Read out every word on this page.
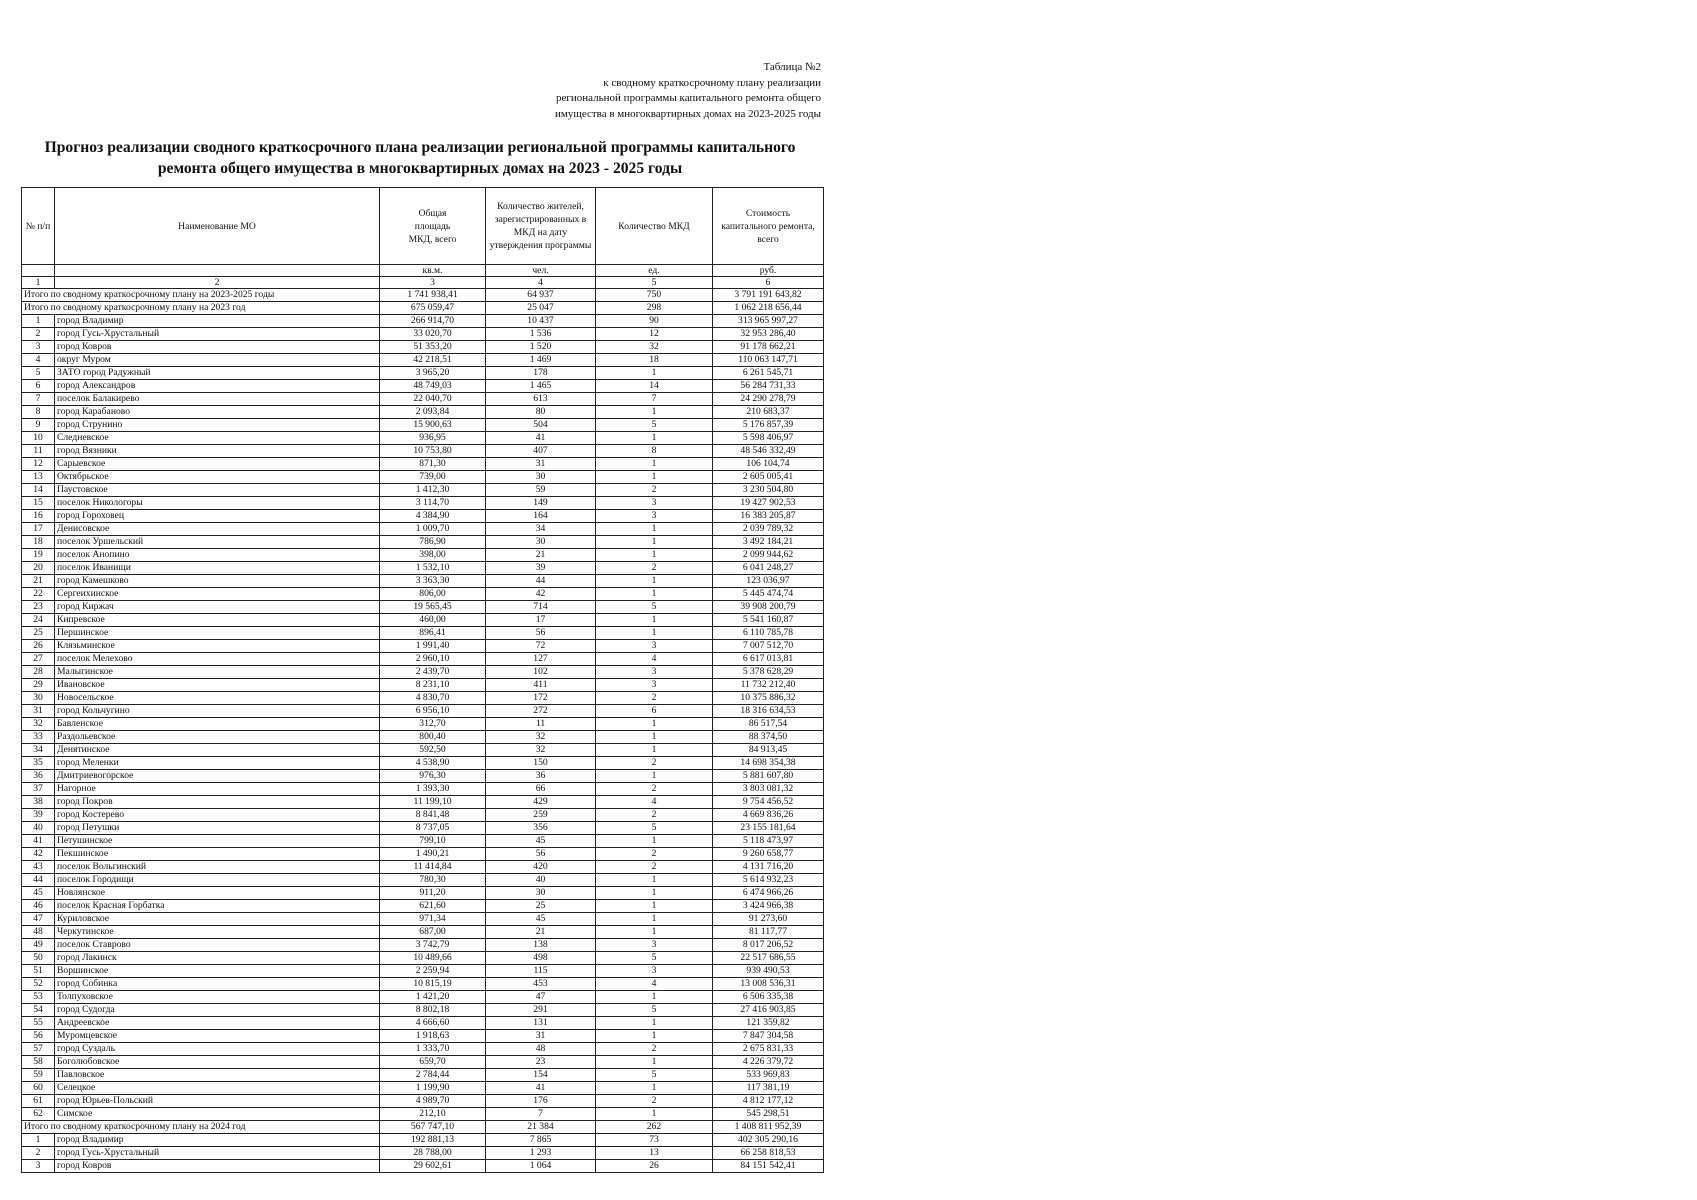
Таблица №2
к сводному краткосрочному плану реализации
региональной программы капитального ремонта общего
имущества в многоквартирных домах на 2023-2025 годы
Прогноз реализации сводного краткосрочного плана реализации региональной программы капитального
ремонта общего имущества в многоквартирных домах на 2023 - 2025 годы
№ п/п	Наименование МО	Общая площадь МКД, всего	Количество жителей, зарегистрированных в МКД на дату утверждения программы	Количество МКД	Стоимость капитального ремонта, всего
		кв.м.	чел.	ед.	руб.
1	2	3	4	5	6
Итого по сводному краткосрочному плану на 2023-2025 годы		1 741 938,41	64 937	750	3 791 191 643,82
Итого по сводному краткосрочному плану на 2023 год		675 059,47	25 047	298	1 062 218 656,44
1	город Владимир	266 914,70	10 437	90	313 965 997,27
2	город Гусь-Хрустальный	33 020,70	1 536	12	32 953 286,40
3	город Ковров	51 353,20	1 520	32	91 178 662,21
4	округ Муром	42 218,51	1 469	18	110 063 147,71
5	ЗАТО город Радужный	3 965,20	178	1	6 261 545,71
6	город Александров	48 749,03	1 465	14	56 284 731,33
7	поселок Балакирево	22 040,70	613	7	24 290 278,79
8	город Карабаново	2 093,84	80	1	210 683,37
9	город Струнино	15 900,63	504	5	5 176 857,39
10	Следневское	936,95	41	1	5 598 406,97
11	город Вязники	10 753,80	407	8	48 546 332,49
12	Сарыевское	871,30	31	1	106 104,74
13	Октябрьское	739,00	30	1	2 605 005,41
14	Паустовское	1 412,30	59	2	3 230 504,80
15	поселок Никологоры	3 114,70	149	3	19 427 902,53
16	город Гороховец	4 384,90	164	3	16 383 205,87
17	Денисовское	1 009,70	34	1	2 039 789,32
18	поселок Уршельский	786,90	30	1	3 492 184,21
19	поселок Анопино	398,00	21	1	2 099 944,62
20	поселок Иванищи	1 532,10	39	2	6 041 248,27
21	город Камешково	3 363,30	44	1	123 036,97
22	Сергеихинское	806,00	42	1	5 445 474,74
23	город Киржач	19 565,45	714	5	39 908 200,79
24	Кипревское	460,00	17	1	5 541 160,87
25	Першинское	896,41	56	1	6 110 785,78
26	Клязьминское	1 991,40	72	3	7 007 512,70
27	поселок Мелехово	2 960,10	127	4	6 617 013,81
28	Малыгинское	2 439,70	102	3	5 378 628,29
29	Ивановское	8 231,10	411	3	11 732 212,40
30	Новосельское	4 830,70	172	2	10 375 886,32
31	город Кольчугино	6 956,10	272	6	18 316 634,53
32	Бавленское	312,70	11	1	86 517,54
33	Раздольевское	800,40	32	1	88 374,50
34	Денятинское	592,50	32	1	84 913,45
35	город Меленки	4 538,90	150	2	14 698 354,38
36	Дмитриевогорское	976,30	36	1	5 881 607,80
37	Нагорное	1 393,30	66	2	3 803 081,32
38	город Покров	11 199,10	429	4	9 754 456,52
39	город Костерево	8 841,48	259	2	4 669 836,26
40	город Петушки	8 737,05	356	5	23 155 181,64
41	Петушинское	799,10	45	1	5 118 473,97
42	Пекшинское	1 490,21	56	2	9 260 658,77
43	поселок Вольгинский	11 414,84	420	2	4 131 716,20
44	поселок Городищи	780,30	40	1	5 614 932,23
45	Новлянское	911,20	30	1	6 474 966,26
46	поселок Красная Горбатка	621,60	25	1	3 424 966,38
47	Куриловское	971,34	45	1	91 273,60
48	Черкутинское	687,00	21	1	81 117,77
49	поселок Ставрово	3 742,79	138	3	8 017 206,52
50	город Лакинск	10 489,66	498	5	22 517 686,55
51	Воршинское	2 259,94	115	3	939 490,53
52	город Собинка	10 815,19	453	4	13 008 536,31
53	Толпуховское	1 421,20	47	1	6 506 335,38
54	город Судогда	8 802,18	291	5	27 416 903,85
55	Андреевское	4 666,60	131	1	121 359,82
56	Муромцевское	1 918,63	31	1	7 847 304,58
57	город Суздаль	1 333,70	48	2	2 675 831,33
58	Боголюбовское	659,70	23	1	4 226 379,72
59	Павловское	2 784,44	154	5	533 969,83
60	Селецкое	1 199,90	41	1	117 381,19
61	город Юрьев-Польский	4 989,70	176	2	4 812 177,12
62	Симское	212,10	7	1	545 298,51
Итого по сводному краткосрочному плану на 2024 год		567 747,10	21 384	262	1 408 811 952,39
1	город Владимир	192 881,13	7 865	73	402 305 290,16
2	город Гусь-Хрустальный	28 788,00	1 293	13	66 258 818,53
3	город Ковров	29 602,61	1 064	26	84 151 542,41
